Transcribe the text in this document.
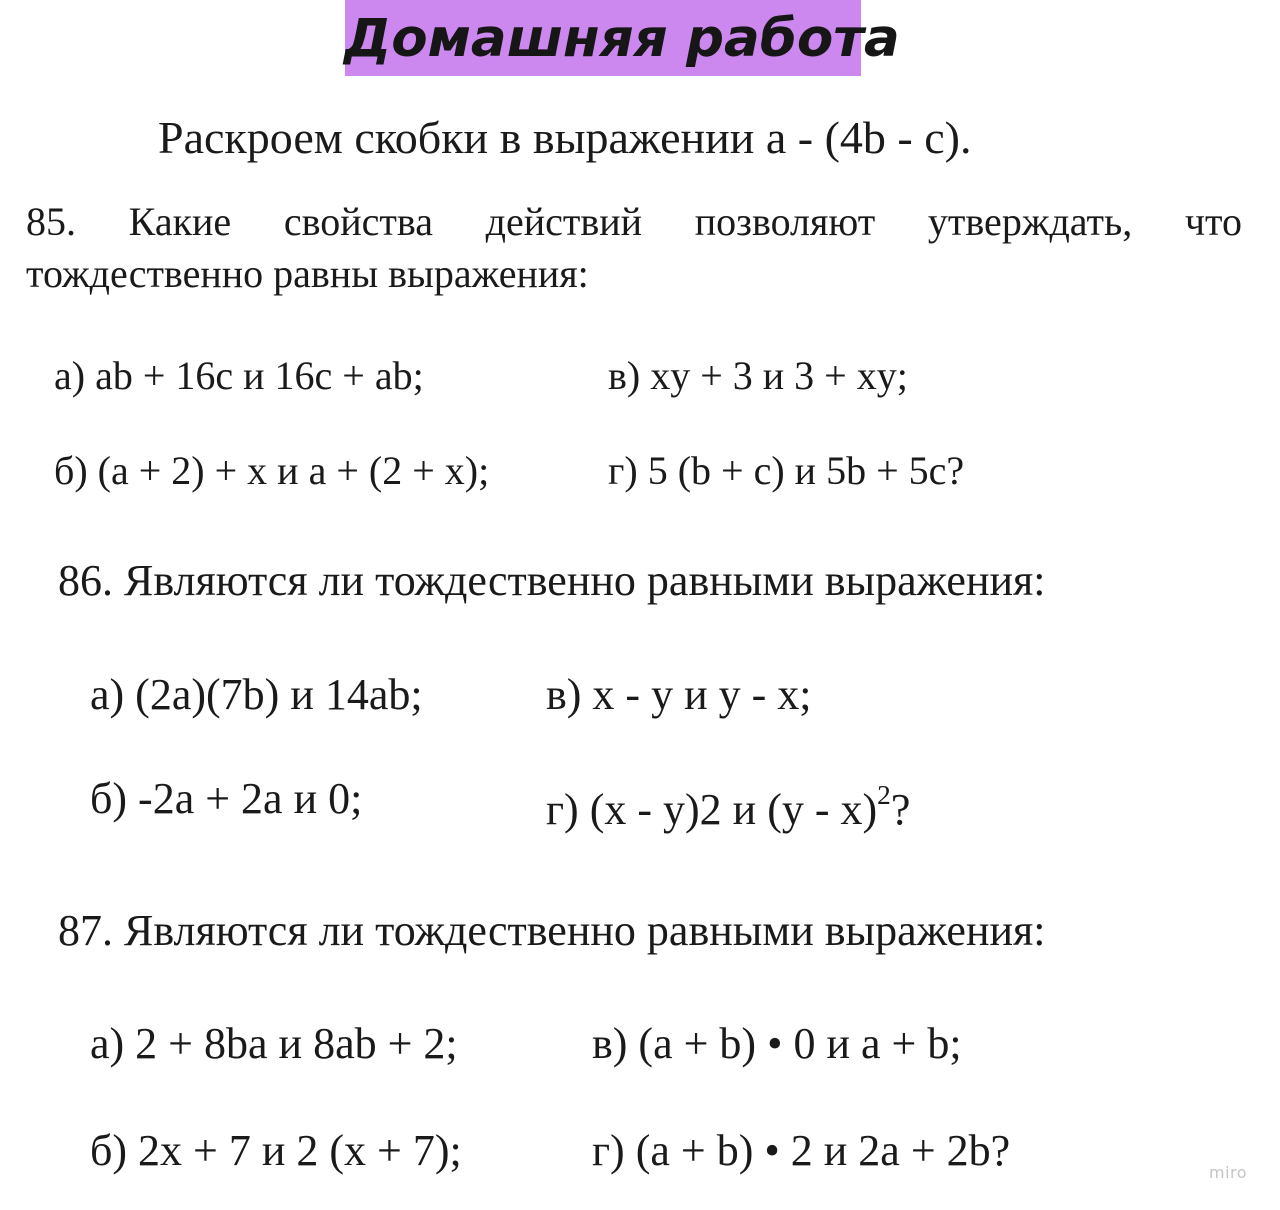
Домашняя работа
Раскроем скобки в выражении а - (4b - с).
85. Какие свойства действий позволяют утверждать, что
тождественно равны выражения:
а) ab + 16c и 16c + ab;	в) xy + 3 и 3 + xy;
б) (a + 2) + x и a + (2 + x);	г) 5 (b + c) и 5b + 5c?
86. Являются ли тождественно равными выражения:
а) (2a)(7b) и 14ab;	в) x - y и y - x;
б) -2a + 2a и 0;	г) (x - y)2 и (y - x)$^2$?
87. Являются ли тождественно равными выражения:
а) 2 + 8ba и 8ab + 2;	в) (a + b) • 0 и a + b;
б) 2x + 7 и 2 (x + 7);	г) (a + b) • 2 и 2a + 2b?	miro
